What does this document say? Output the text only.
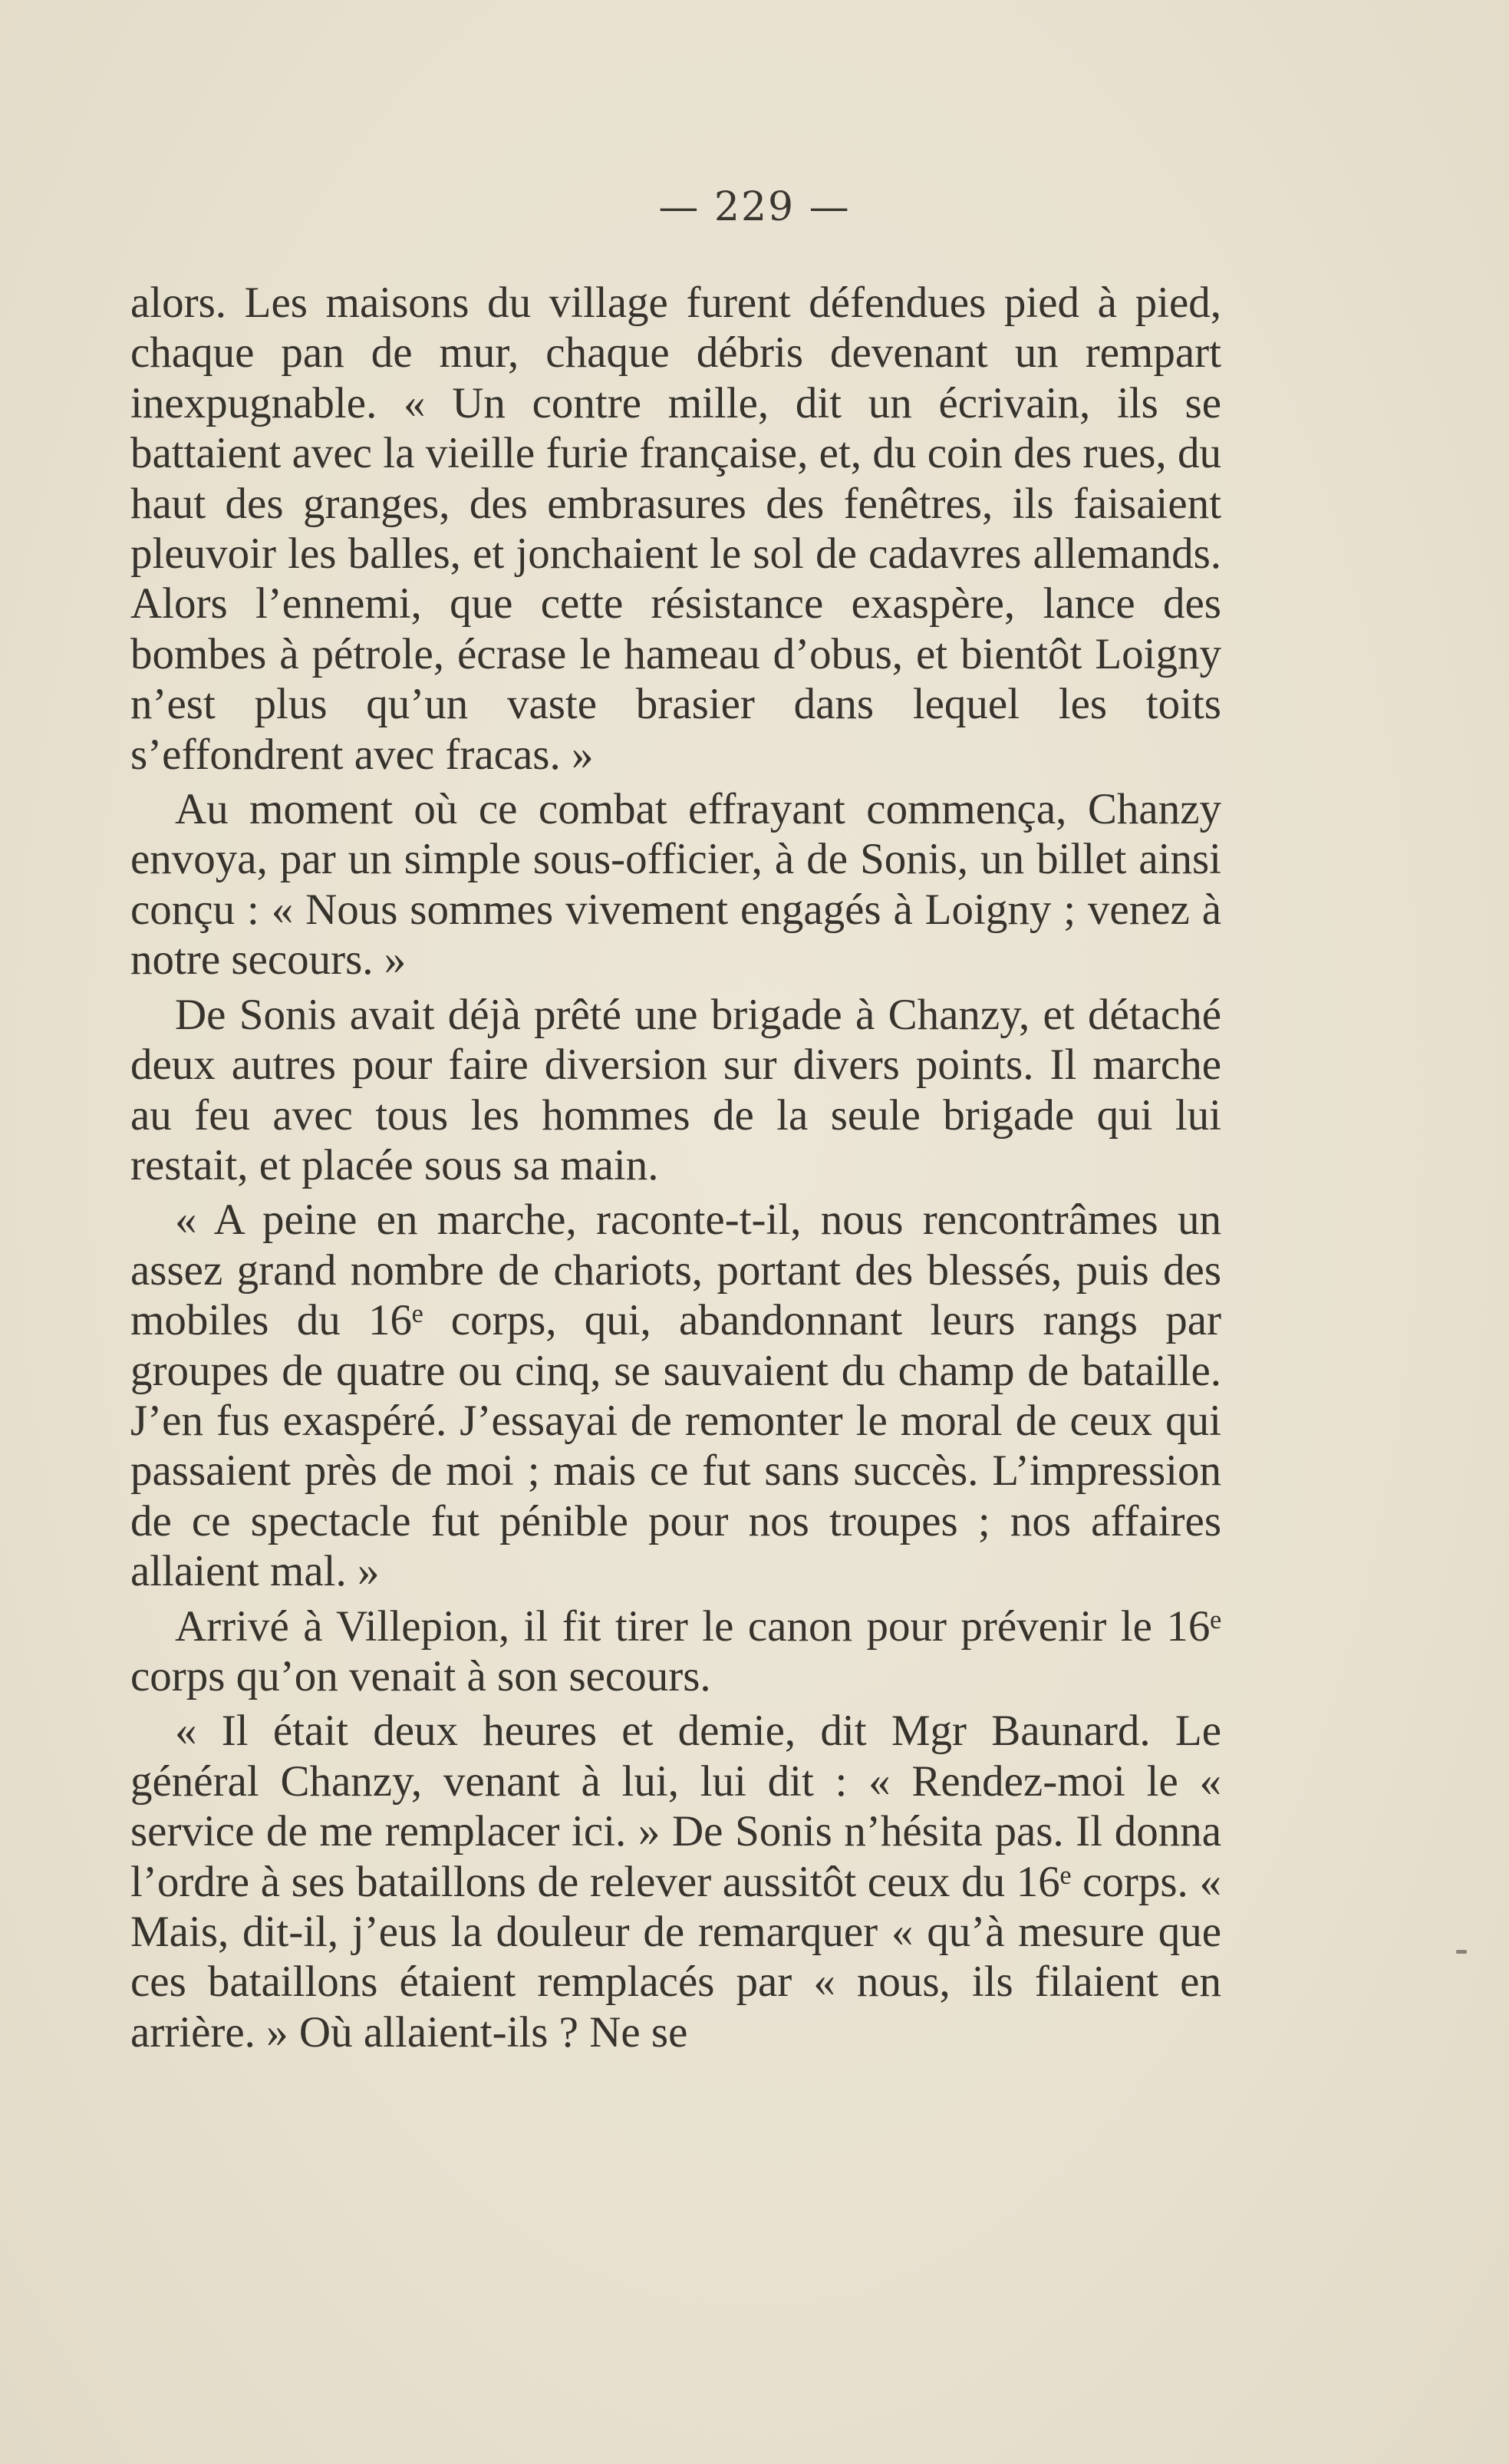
— 229 —

alors. Les maisons du village furent défendues pied à pied, chaque pan de mur, chaque débris devenant un rempart inexpugnable. « Un contre mille, dit un écrivain, ils se battaient avec la vieille furie française, et, du coin des rues, du haut des granges, des embrasures des fenêtres, ils faisaient pleuvoir les balles, et jonchaient le sol de cadavres allemands. Alors l’ennemi, que cette résistance exaspère, lance des bombes à pétrole, écrase le hameau d’obus, et bientôt Loigny n’est plus qu’un vaste brasier dans lequel les toits s’effondrent avec fracas. »

Au moment où ce combat effrayant commença, Chanzy envoya, par un simple sous-officier, à de Sonis, un billet ainsi conçu : « Nous sommes vivement engagés à Loigny ; venez à notre secours. »

De Sonis avait déjà prêté une brigade à Chanzy, et détaché deux autres pour faire diversion sur divers points. Il marche au feu avec tous les hommes de la seule brigade qui lui restait, et placée sous sa main.

« A peine en marche, raconte-t-il, nous rencontrâmes un assez grand nombre de chariots, portant des blessés, puis des mobiles du 16ᵉ corps, qui, abandonnant leurs rangs par groupes de quatre ou cinq, se sauvaient du champ de bataille. J’en fus exaspéré. J’essayai de remonter le moral de ceux qui passaient près de moi ; mais ce fut sans succès. L’impression de ce spectacle fut pénible pour nos troupes ; nos affaires allaient mal. »

Arrivé à Villepion, il fit tirer le canon pour prévenir le 16ᵉ corps qu’on venait à son secours.

« Il était deux heures et demie, dit Mgr Baunard. Le général Chanzy, venant à lui, lui dit : « Rendez-moi le « service de me remplacer ici. » De Sonis n’hésita pas. Il donna l’ordre à ses bataillons de relever aussitôt ceux du 16ᵉ corps. « Mais, dit-il, j’eus la douleur de remarquer « qu’à mesure que ces bataillons étaient remplacés par « nous, ils filaient en arrière. » Où allaient-ils ? Ne se
